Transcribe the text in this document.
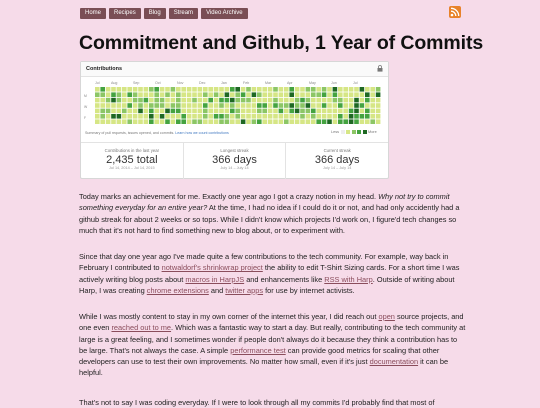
Home	Recipes	Blog	Stream	Video Archive
Commitment and Github, 1 Year of Commits
Contributions
Jul	Aug	Sep	Oct	Nov	Dec	Jan	Feb	Mar	Apr	May	Jun	Jul
M
W
F
Summary of pull requests, issues opened, and commits. Learn how we count contributions	Less	More
Contributions in the last year
2,435 total
Jul 14, 2014 – Jul 14, 2015
Longest streak
366 days
July 14 – July 14
Current streak
366 days
July 14 – July 14
Today marks an achievement for me. Exactly one year ago I got a crazy notion in my head. Why not try to commit something everyday for an entire year? At the time, I had no idea if I could do it or not, and had only accidently had a github streak for about 2 weeks or so tops. While I didn't know which projects I'd work on, I figure'd tech changes so much that it's not hard to find something new to blog about, or to experiment with.
Since that day one year ago I've made quite a few contributions to the tech community. For example, way back in February I contributed to notwaldorf's shrinkwrap project the ability to edit T-Shirt Sizing cards. For a short time I was actively writing blog posts about macros in HarpJS and enhancements like RSS with Harp. Outside of writing about Harp, I was creating chrome extensions and twitter apps for use by internet activists.
While I was mostly content to stay in my own corner of the internet this year, I did reach out open source projects, and one even reached out to me. Which was a fantastic way to start a day. But really, contributing to the tech community at large is a great feeling, and I sometimes wonder if people don't always do it because they think a contribution has to be large. That's not always the case. A simple performance test can provide good metrics for scaling that other developers can use to test their own improvements. No matter how small, even if it's just documentation it can be helpful.
That's not to say I was coding everyday. If I were to look through all my commits I'd probably find that most of
